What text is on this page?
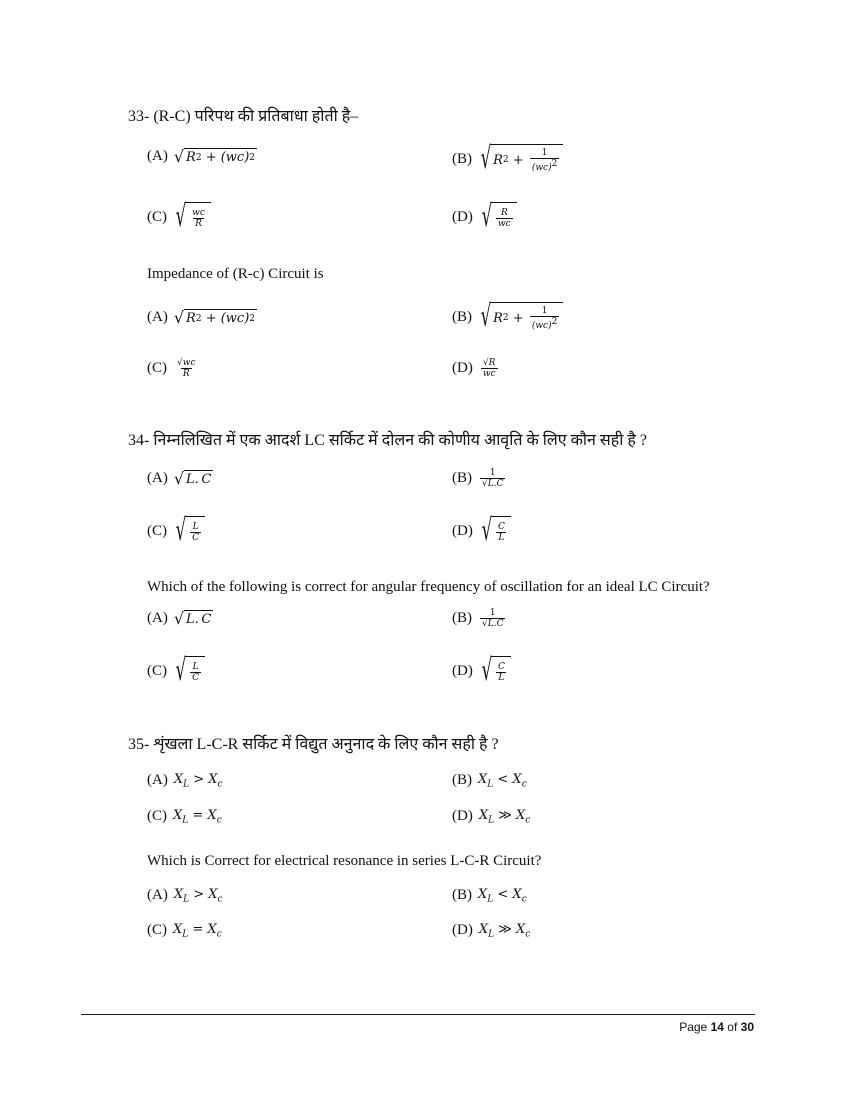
33- (R-C) परिपथ की प्रतिबाधा होती है–
(A) √ R 2 + (wc) 2	(B) √ R $2 + \frac{1}{(wc)^2}$
(C) √ $\frac{wc}{R}$	(D) √ $\frac{R}{wc}$
Impedance of (R-c) Circuit is
(A) √ R 2 + (wc) 2	(B) √ R $2 + \frac{1}{(wc)^2}$
$(C) \frac{√wc}{R}$	$(D) \frac{√R}{wc}$
34- निम्नलिखित में एक आदर्श LC सर्किट में दोलन की कोणीय आवृति के लिए कौन सही है ?
(A) √ L. C	$(B) \frac{1}{√L.C}$
(C) √ $\frac{L}{C}$	(D) √ $\frac{C}{L}$
Which of the following is correct for angular frequency of oscillation for an ideal LC Circuit?
(A) √ L. C	$(B) \frac{1}{√L.C}$
(C) √ $\frac{L}{C}$	(D) √ $\frac{C}{L}$
35- शृंखला L-C-R सर्किट में विद्युत अनुनाद के लिए कौन सही है ?
(A) $X_L > X_c$	(B) $X_L < X_c$
(C) $X_L = X_c$	(D) $X_L$ ≫ $X_c$
Which is Correct for electrical resonance in series L-C-R Circuit?
(A) $X_L > X_c$	(B) $X_L < X_c$
(C) $X_L = X_c$	(D) $X_L$ ≫ $X_c$
Page 14 of 30
